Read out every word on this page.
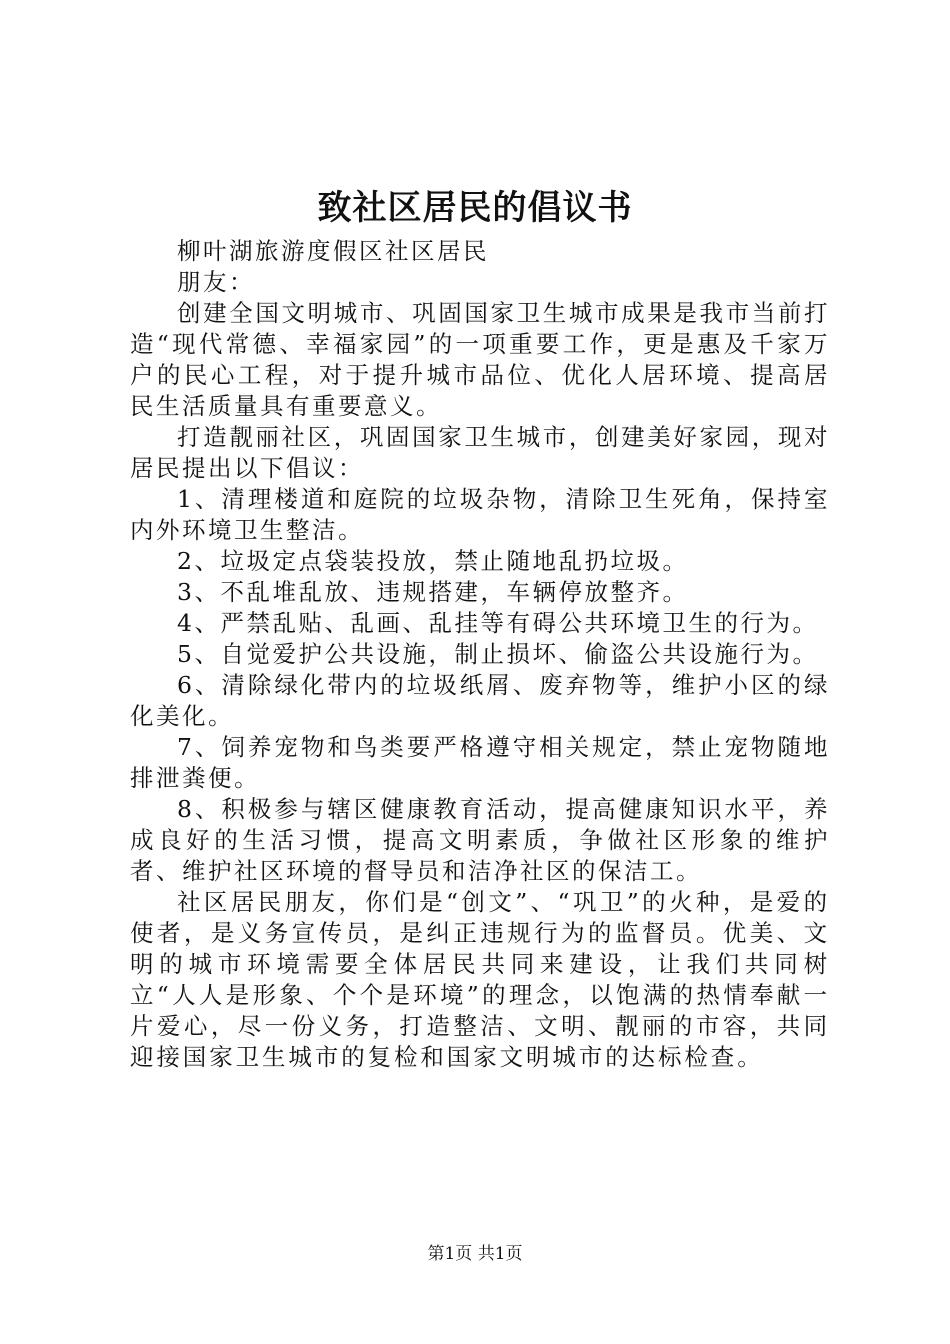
致社区居民的倡议书

柳叶湖旅游度假区社区居民

朋友：

创建全国文明城市、巩固国家卫生城市成果是我市当前打造“现代常德、幸福家园”的一项重要工作，更是惠及千家万户的民心工程，对于提升城市品位、优化人居环境、提高居民生活质量具有重要意义。

打造靓丽社区，巩固国家卫生城市，创建美好家园，现对居民提出以下倡议：

1、清理楼道和庭院的垃圾杂物，清除卫生死角，保持室内外环境卫生整洁。

2、垃圾定点袋装投放，禁止随地乱扔垃圾。

3、不乱堆乱放、违规搭建，车辆停放整齐。

4、严禁乱贴、乱画、乱挂等有碍公共环境卫生的行为。

5、自觉爱护公共设施，制止损坏、偷盗公共设施行为。

6、清除绿化带内的垃圾纸屑、废弃物等，维护小区的绿化美化。

7、饲养宠物和鸟类要严格遵守相关规定，禁止宠物随地排泄粪便。

8、积极参与辖区健康教育活动，提高健康知识水平，养成良好的生活习惯，提高文明素质，争做社区形象的维护者、维护社区环境的督导员和洁净社区的保洁工。

社区居民朋友，你们是“创文”、“巩卫”的火种，是爱的使者，是义务宣传员，是纠正违规行为的监督员。优美、文明的城市环境需要全体居民共同来建设，让我们共同树立“人人是形象、个个是环境”的理念，以饱满的热情奉献一片爱心，尽一份义务，打造整洁、文明、靓丽的市容，共同迎接国家卫生城市的复检和国家文明城市的达标检查。

第1页 共1页
